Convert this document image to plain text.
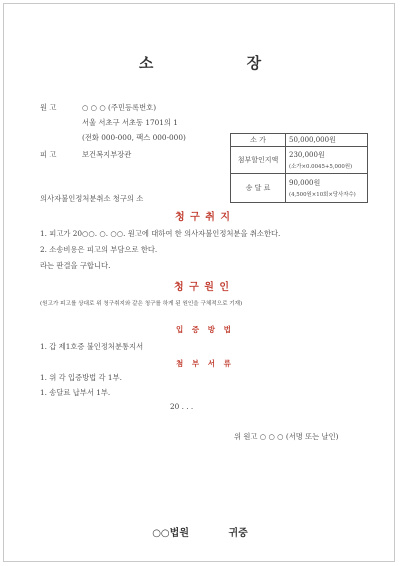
소 장
원 고	○ ○ ○ (주민등록번호)
서울 서초구 서초동 1701의 1
(전화 000-000, 팩스 000-000)
피 고	보건복지부장관
소 가	50,000,000원
첨부할인지액	230,000원
(소가×0.0045+5,000원)

송 달 료	90,000원
(4,500원×10회×당사자수)
의사자불인정처분취소 청구의 소
청 구 취 지
1. 피고가 20○○. ○. ○○. 원고에 대하여 한 의사자불인정처분을 취소한다.
2. 소송비용은 피고의 부담으로 한다.
라는 판결을 구합니다.
청 구 원 인
(원고가 피고를 상대로 위 청구취지와 같은 청구를 하게 된 원인을 구체적으로 기재)
입 증 방 법
1. 갑 제1호증 불인정처분통지서
첨 부 서 류
1. 위 각 입증방법 각 1부.
1. 송달료 납부서 1부.
20 . . .
위 원고 ○ ○ ○ (서명 또는 날인)
○○법원	귀중
